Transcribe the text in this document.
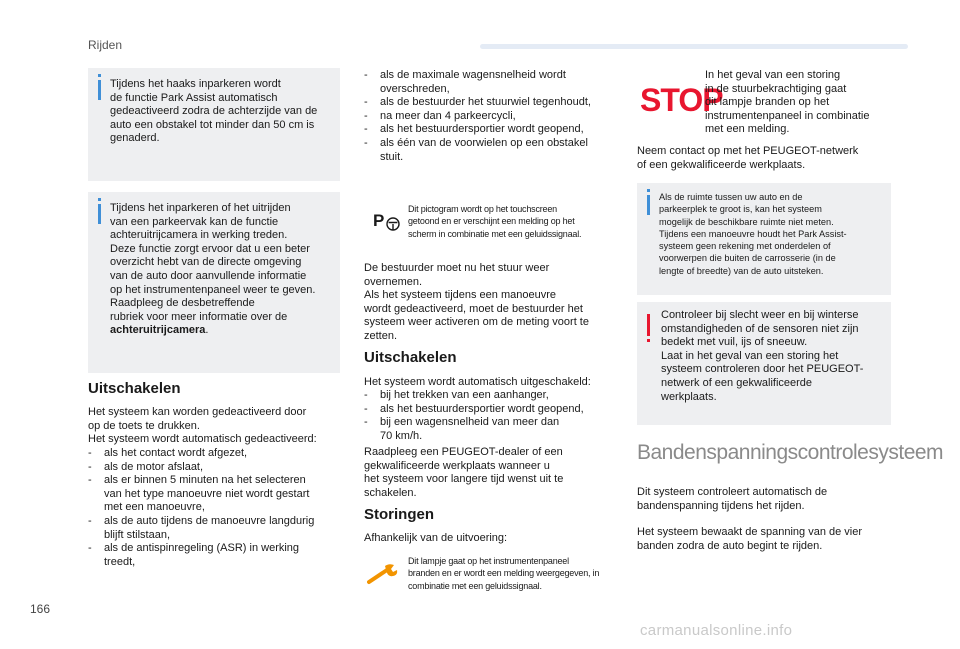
Rijden
Tijdens het haaks inparkeren wordt
de functie Park Assist automatisch
gedeactiveerd zodra de achterzijde van de
auto een obstakel tot minder dan 50 cm is
genaderd.
Tijdens het inparkeren of het uitrijden
van een parkeervak kan de functie
achteruitrijcamera in werking treden.
Deze functie zorgt ervoor dat u een beter
overzicht hebt van de directe omgeving
van de auto door aanvullende informatie
op het instrumentenpaneel weer te geven.
Raadpleeg de desbetreffende
rubriek voor meer informatie over de
achteruitrijcamera.
Uitschakelen
Het systeem kan worden gedeactiveerd door
op de toets te drukken.
Het systeem wordt automatisch gedeactiveerd:
- als het contact wordt afgezet,
- als de motor afslaat,
- als er binnen 5 minuten na het selecteren
van het type manoeuvre niet wordt gestart
met een manoeuvre,
- als de auto tijdens de manoeuvre langdurig
blijft stilstaan,
- als de antispinregeling (ASR) in werking
treedt,
- als de maximale wagensnelheid wordt
overschreden,
- als de bestuurder het stuurwiel tegenhoudt,
- na meer dan 4 parkeercycli,
- als het bestuurdersportier wordt geopend,
- als één van de voorwielen op een obstakel
stuit.
P
Dit pictogram wordt op het touchscreen
getoond en er verschijnt een melding op het
scherm in combinatie met een geluidssignaal.
De bestuurder moet nu het stuur weer
overnemen.
Als het systeem tijdens een manoeuvre
wordt gedeactiveerd, moet de bestuurder het
systeem weer activeren om de meting voort te
zetten.
Uitschakelen
Het systeem wordt automatisch uitgeschakeld:
- bij het trekken van een aanhanger,
- als het bestuurdersportier wordt geopend,
- bij een wagensnelheid van meer dan
70 km/h.
Raadpleeg een PEUGEOT-dealer of een
gekwalificeerde werkplaats wanneer u
het systeem voor langere tijd wenst uit te
schakelen.
Storingen
Afhankelijk van de uitvoering:
Dit lampje gaat op het instrumentenpaneel
branden en er wordt een melding weergegeven, in
combinatie met een geluidssignaal.
STOP
In het geval van een storing
in de stuurbekrachtiging gaat
dit lampje branden op het
instrumentenpaneel in combinatie
met een melding.
Neem contact op met het PEUGEOT-netwerk
of een gekwalificeerde werkplaats.
Als de ruimte tussen uw auto en de
parkeerplek te groot is, kan het systeem
mogelijk de beschikbare ruimte niet meten.
Tijdens een manoeuvre houdt het Park Assist-
systeem geen rekening met onderdelen of
voorwerpen die buiten de carrosserie (in de
lengte of breedte) van de auto uitsteken.
Controleer bij slecht weer en bij winterse
omstandigheden of de sensoren niet zijn
bedekt met vuil, ijs of sneeuw.
Laat in het geval van een storing het
systeem controleren door het PEUGEOT-
netwerk of een gekwalificeerde
werkplaats.
Bandenspanningscontrolesysteem
Dit systeem controleert automatisch de
bandenspanning tijdens het rijden.
Het systeem bewaakt de spanning van de vier
banden zodra de auto begint te rijden.
166
carmanualsonline.info
